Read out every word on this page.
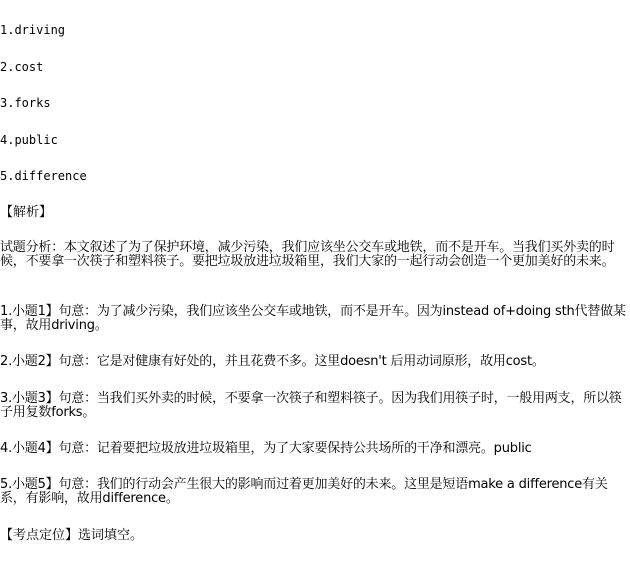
1.driving

2.cost

3.forks

4.public

5.difference

【解析】

试题分析：本文叙述了为了保护环境，减少污染，我们应该坐公交车或地铁，而不是开车。当我们买外卖的时候，不要拿一次筷子和塑料筷子。要把垃圾放进垃圾箱里，我们大家的一起行动会创造一个更加美好的未来。

1.小题1】句意：为了减少污染，我们应该坐公交车或地铁，而不是开车。因为instead of+doing sth代替做某事，故用driving。

2.小题2】句意：它是对健康有好处的，并且花费不多。这里doesn't 后用动词原形，故用cost。

3.小题3】句意：当我们买外卖的时候，不要拿一次筷子和塑料筷子。因为我们用筷子时，一般用两支，所以筷子用复数forks。

4.小题4】句意：记着要把垃圾放进垃圾箱里，为了大家要保持公共场所的干净和漂亮。public

5.小题5】句意：我们的行动会产生很大的影响而过着更加美好的未来。这里是短语make a difference有关系，有影响，故用difference。

【考点定位】选词填空。
